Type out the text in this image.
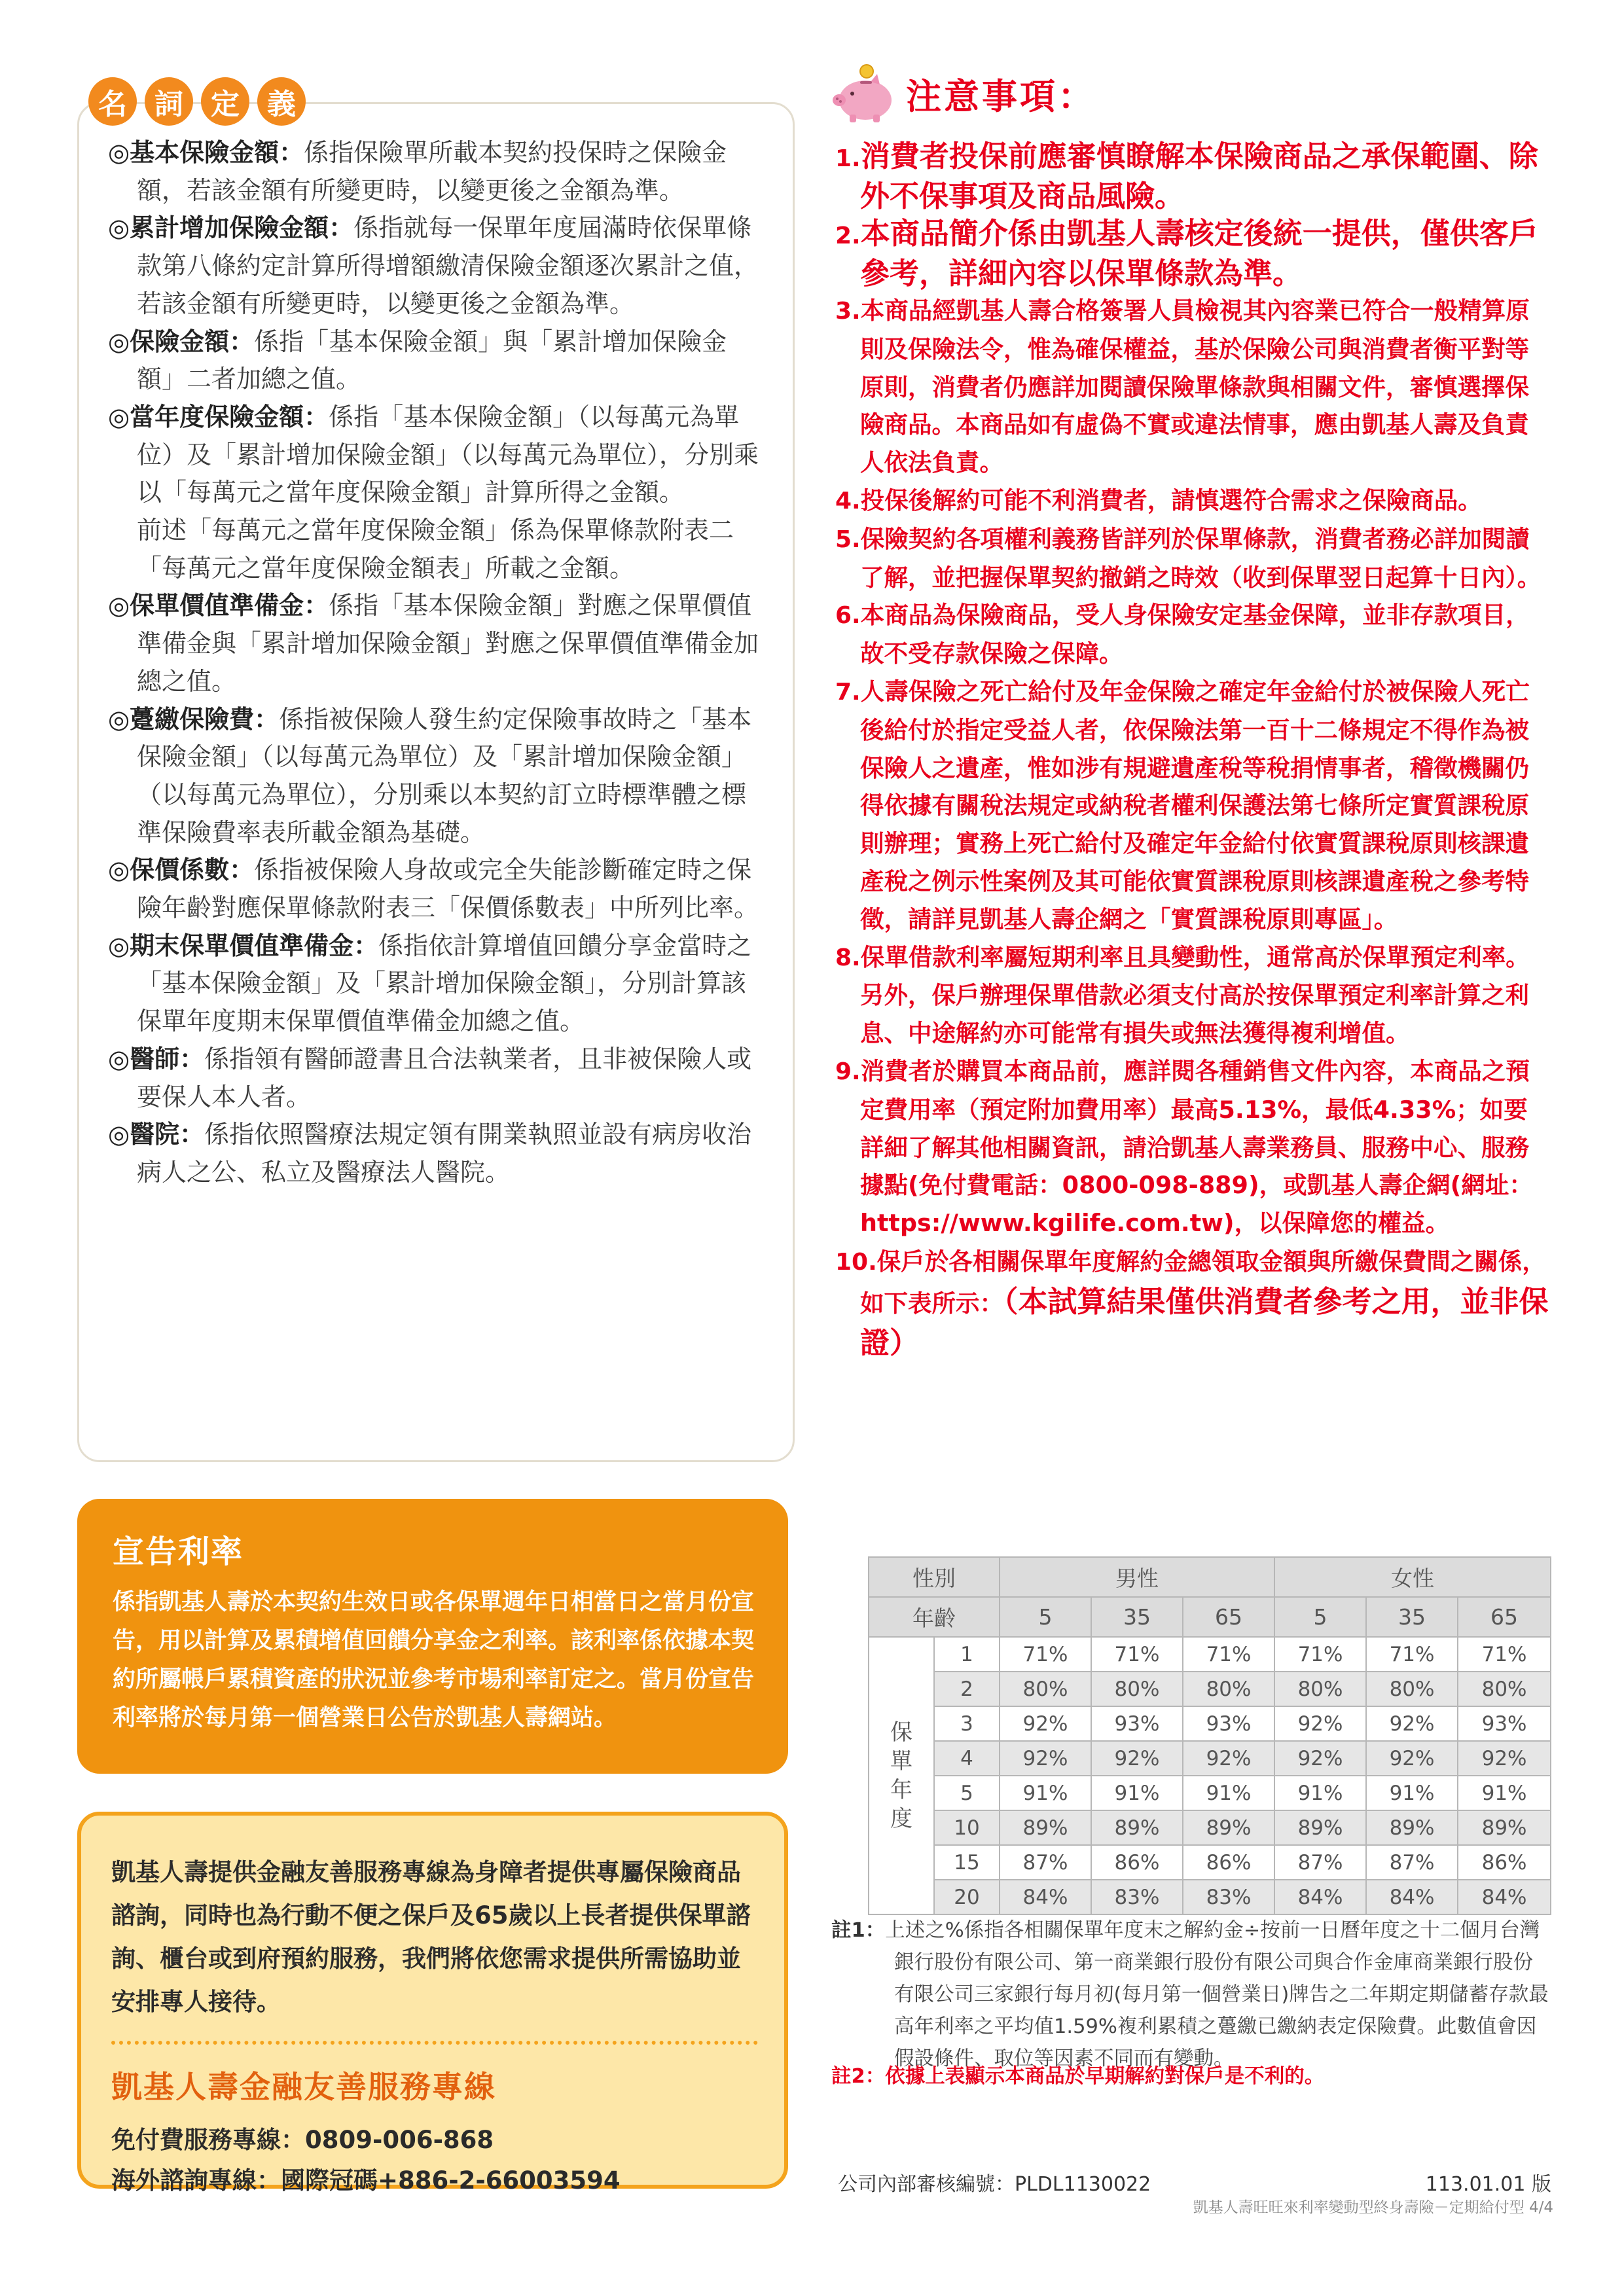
名 詞 定 義
◎基本保險金額：係指保險單所載本契約投保時之保險金額，若該金額有所變更時，以變更後之金額為準。
◎累計增加保險金額：係指就每一保單年度屆滿時依保單條款第八條約定計算所得增額繳清保險金額逐次累計之值，若該金額有所變更時，以變更後之金額為準。
◎保險金額：係指「基本保險金額」與「累計增加保險金額」二者加總之值。
◎當年度保險金額：係指「基本保險金額」（以每萬元為單位）及「累計增加保險金額」（以每萬元為單位），分別乘以「每萬元之當年度保險金額」計算所得之金額。
前述「每萬元之當年度保險金額」係為保單條款附表二「每萬元之當年度保險金額表」所載之金額。
◎保單價值準備金：係指「基本保險金額」對應之保單價值準備金與「累計增加保險金額」對應之保單價值準備金加總之值。
◎躉繳保險費：係指被保險人發生約定保險事故時之「基本保險金額」（以每萬元為單位）及「累計增加保險金額」（以每萬元為單位），分別乘以本契約訂立時標準體之標準保險費率表所載金額為基礎。
◎保價係數：係指被保險人身故或完全失能診斷確定時之保險年齡對應保單條款附表三「保價係數表」中所列比率。
◎期末保單價值準備金：係指依計算增值回饋分享金當時之「基本保險金額」及「累計增加保險金額」，分別計算該保單年度期末保單價值準備金加總之值。
◎醫師：係指領有醫師證書且合法執業者，且非被保險人或要保人本人者。
◎醫院：係指依照醫療法規定領有開業執照並設有病房收治病人之公、私立及醫療法人醫院。
宣告利率
係指凱基人壽於本契約生效日或各保單週年日相當日之當月份宣告，用以計算及累積增值回饋分享金之利率。該利率係依據本契約所屬帳戶累積資產的狀況並參考市場利率訂定之。當月份宣告利率將於每月第一個營業日公告於凱基人壽網站。
凱基人壽提供金融友善服務專線為身障者提供專屬保險商品諮詢，同時也為行動不便之保戶及65歲以上長者提供保單諮詢、櫃台或到府預約服務，我們將依您需求提供所需協助並安排專人接待。
凱基人壽金融友善服務專線
免付費服務專線：0809-006-868
海外諮詢專線：國際冠碼+886-2-66003594
注意事項：
1.消費者投保前應審慎瞭解本保險商品之承保範圍、除外不保事項及商品風險。
2.本商品簡介係由凱基人壽核定後統一提供，僅供客戶參考，詳細內容以保單條款為準。
3.本商品經凱基人壽合格簽署人員檢視其內容業已符合一般精算原則及保險法令，惟為確保權益，基於保險公司與消費者衡平對等原則，消費者仍應詳加閱讀保險單條款與相關文件，審慎選擇保險商品。本商品如有虛偽不實或違法情事，應由凱基人壽及負責人依法負責。
4.投保後解約可能不利消費者，請慎選符合需求之保險商品。
5.保險契約各項權利義務皆詳列於保單條款，消費者務必詳加閱讀了解，並把握保單契約撤銷之時效（收到保單翌日起算十日內）。
6.本商品為保險商品，受人身保險安定基金保障，並非存款項目，故不受存款保險之保障。
7.人壽保險之死亡給付及年金保險之確定年金給付於被保險人死亡後給付於指定受益人者，依保險法第一百十二條規定不得作為被保險人之遺產，惟如涉有規避遺產稅等稅捐情事者，稽徵機關仍得依據有關稅法規定或納稅者權利保護法第七條所定實質課稅原則辦理；實務上死亡給付及確定年金給付依實質課稅原則核課遺產稅之例示性案例及其可能依實質課稅原則核課遺產稅之參考特徵，請詳見凱基人壽企網之「實質課稅原則專區」。
8.保單借款利率屬短期利率且具變動性，通常高於保單預定利率。另外，保戶辦理保單借款必須支付高於按保單預定利率計算之利息、中途解約亦可能常有損失或無法獲得複利增值。
9.消費者於購買本商品前，應詳閱各種銷售文件內容，本商品之預定費用率（預定附加費用率）最高5.13%，最低4.33%；如要詳細了解其他相關資訊，請洽凱基人壽業務員、服務中心、服務據點(免付費電話：0800-098-889)，或凱基人壽企網(網址：https://www.kgilife.com.tw)，以保障您的權益。
10.保戶於各相關保單年度解約金總領取金額與所繳保費間之關係，如下表所示：（本試算結果僅供消費者參考之用，並非保證）
性別		男性			女性		
年齡		5	35	65	5	35	65

保
單
年
度	1	71%	71%	71%	71%	71%	71%
	2	80%	80%	80%	80%	80%	80%
	3	92%	93%	93%	92%	92%	93%
	4	92%	92%	92%	92%	92%	92%
	5	91%	91%	91%	91%	91%	91%
	10	89%	89%	89%	89%	89%	89%
	15	87%	86%	86%	87%	87%	86%
	20	84%	83%	83%	84%	84%	84%
註1：上述之%係指各相關保單年度末之解約金÷按前一日曆年度之十二個月台灣銀行股份有限公司、第一商業銀行股份有限公司與合作金庫商業銀行股份有限公司三家銀行每月初(每月第一個營業日)牌告之二年期定期儲蓄存款最高年利率之平均值1.59%複利累積之躉繳已繳納表定保險費。此數值會因假設條件、取位等因素不同而有變動。
註2：依據上表顯示本商品於早期解約對保戶是不利的。
公司內部審核編號：PLDL1130022	113.01.01 版
凱基人壽旺旺來利率變動型終身壽險－定期給付型 4/4
